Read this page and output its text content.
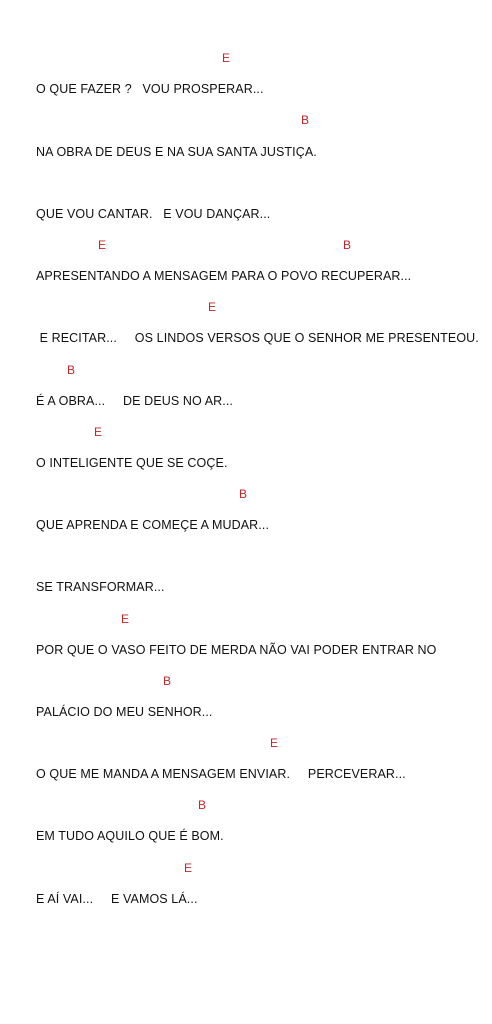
E
O QUE FAZER ?   VOU PROSPERAR...
B
NA OBRA DE DEUS E NA SUA SANTA JUSTIÇA.
QUE VOU CANTAR.   E VOU DANÇAR...
E	B
APRESENTANDO A MENSAGEM PARA O POVO RECUPERAR...
E
E RECITAR...     OS LINDOS VERSOS QUE O SENHOR ME PRESENTEOU.
B
É A OBRA...     DE DEUS NO AR...
E
O INTELIGENTE QUE SE COÇE.
B
QUE APRENDA E COMEÇE A MUDAR...
SE TRANSFORMAR...
E
POR QUE O VASO FEITO DE MERDA NÃO VAI PODER ENTRAR NO
B
PALÁCIO DO MEU SENHOR...
E
O QUE ME MANDA A MENSAGEM ENVIAR.     PERCEVERAR...
B
EM TUDO AQUILO QUE É BOM.
E
E AÍ VAI...     E VAMOS LÁ...
